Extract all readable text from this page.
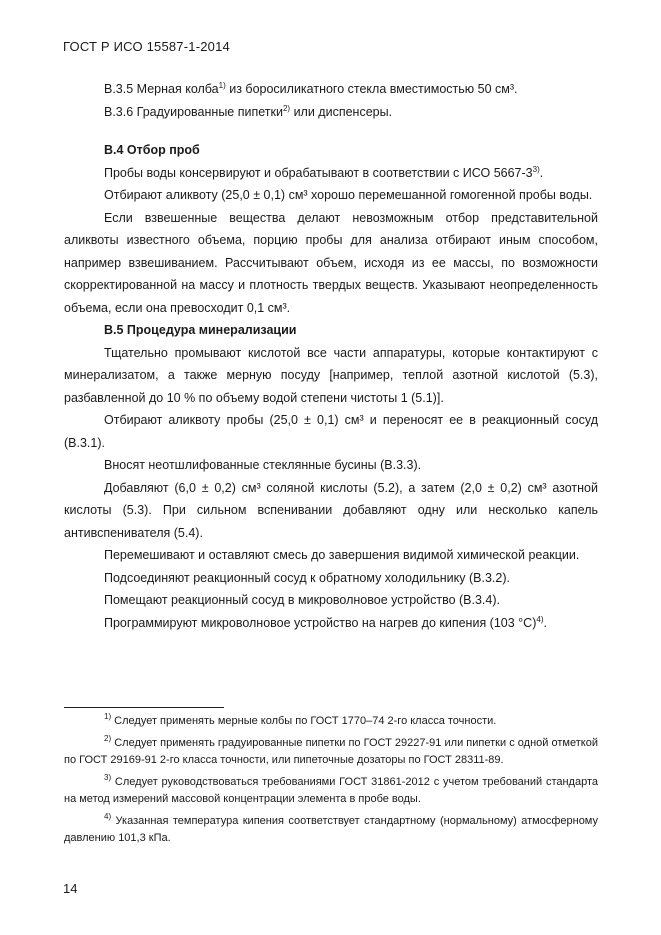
ГОСТ Р ИСО 15587-1-2014

В.3.5 Мерная колба$^{1)}$ из боросиликатного стекла вместимостью 50 см³.

В.3.6 Градуированные пипетки$^{2)}$ или диспенсеры.

В.4 Отбор проб

Пробы воды консервируют и обрабатывают в соответствии с ИСО 5667-3$^{3)}$.

Отбирают аликвоту (25,0 ± 0,1) см³ хорошо перемешанной гомогенной пробы воды.

Если взвешенные вещества делают невозможным отбор представительной аликвоты известного объема, порцию пробы для анализа отбирают иным способом, например взвешиванием. Рассчитывают объем, исходя из ее массы, по возможности скорректированной на массу и плотность твердых веществ. Указывают неопределенность объема, если она превосходит 0,1 см³.

В.5 Процедура минерализации

Тщательно промывают кислотой все части аппаратуры, которые контактируют с минерализатом, а также мерную посуду [например, теплой азотной кислотой (5.3), разбавленной до 10 % по объему водой степени чистоты 1 (5.1)].

Отбирают аликвоту пробы (25,0 ± 0,1) см³ и переносят ее в реакционный сосуд (В.3.1).

Вносят неотшлифованные стеклянные бусины (В.3.3).

Добавляют (6,0 ± 0,2) см³ соляной кислоты (5.2), а затем (2,0 ± 0,2) см³ азотной кислоты (5.3). При сильном вспенивании добавляют одну или несколько капель антивспенивателя (5.4).

Перемешивают и оставляют смесь до завершения видимой химической реакции.

Подсоединяют реакционный сосуд к обратному холодильнику (В.3.2).

Помещают реакционный сосуд в микроволновое устройство (В.3.4).

Программируют микроволновое устройство на нагрев до кипения (103 °C)$^{4)}$.

$^{1)}$ Следует применять мерные колбы по ГОСТ 1770–74 2-го класса точности.

$^{2)}$ Следует применять градуированные пипетки по ГОСТ 29227-91 или пипетки с одной отметкой по ГОСТ 29169-91 2-го класса точности, или пипеточные дозаторы по ГОСТ 28311-89.

$^{3)}$ Следует руководствоваться требованиями ГОСТ 31861-2012 с учетом требований стандарта на метод измерений массовой концентрации элемента в пробе воды.

$^{4)}$ Указанная температура кипения соответствует стандартному (нормальному) атмосферному давлению 101,3 кПа.

14
